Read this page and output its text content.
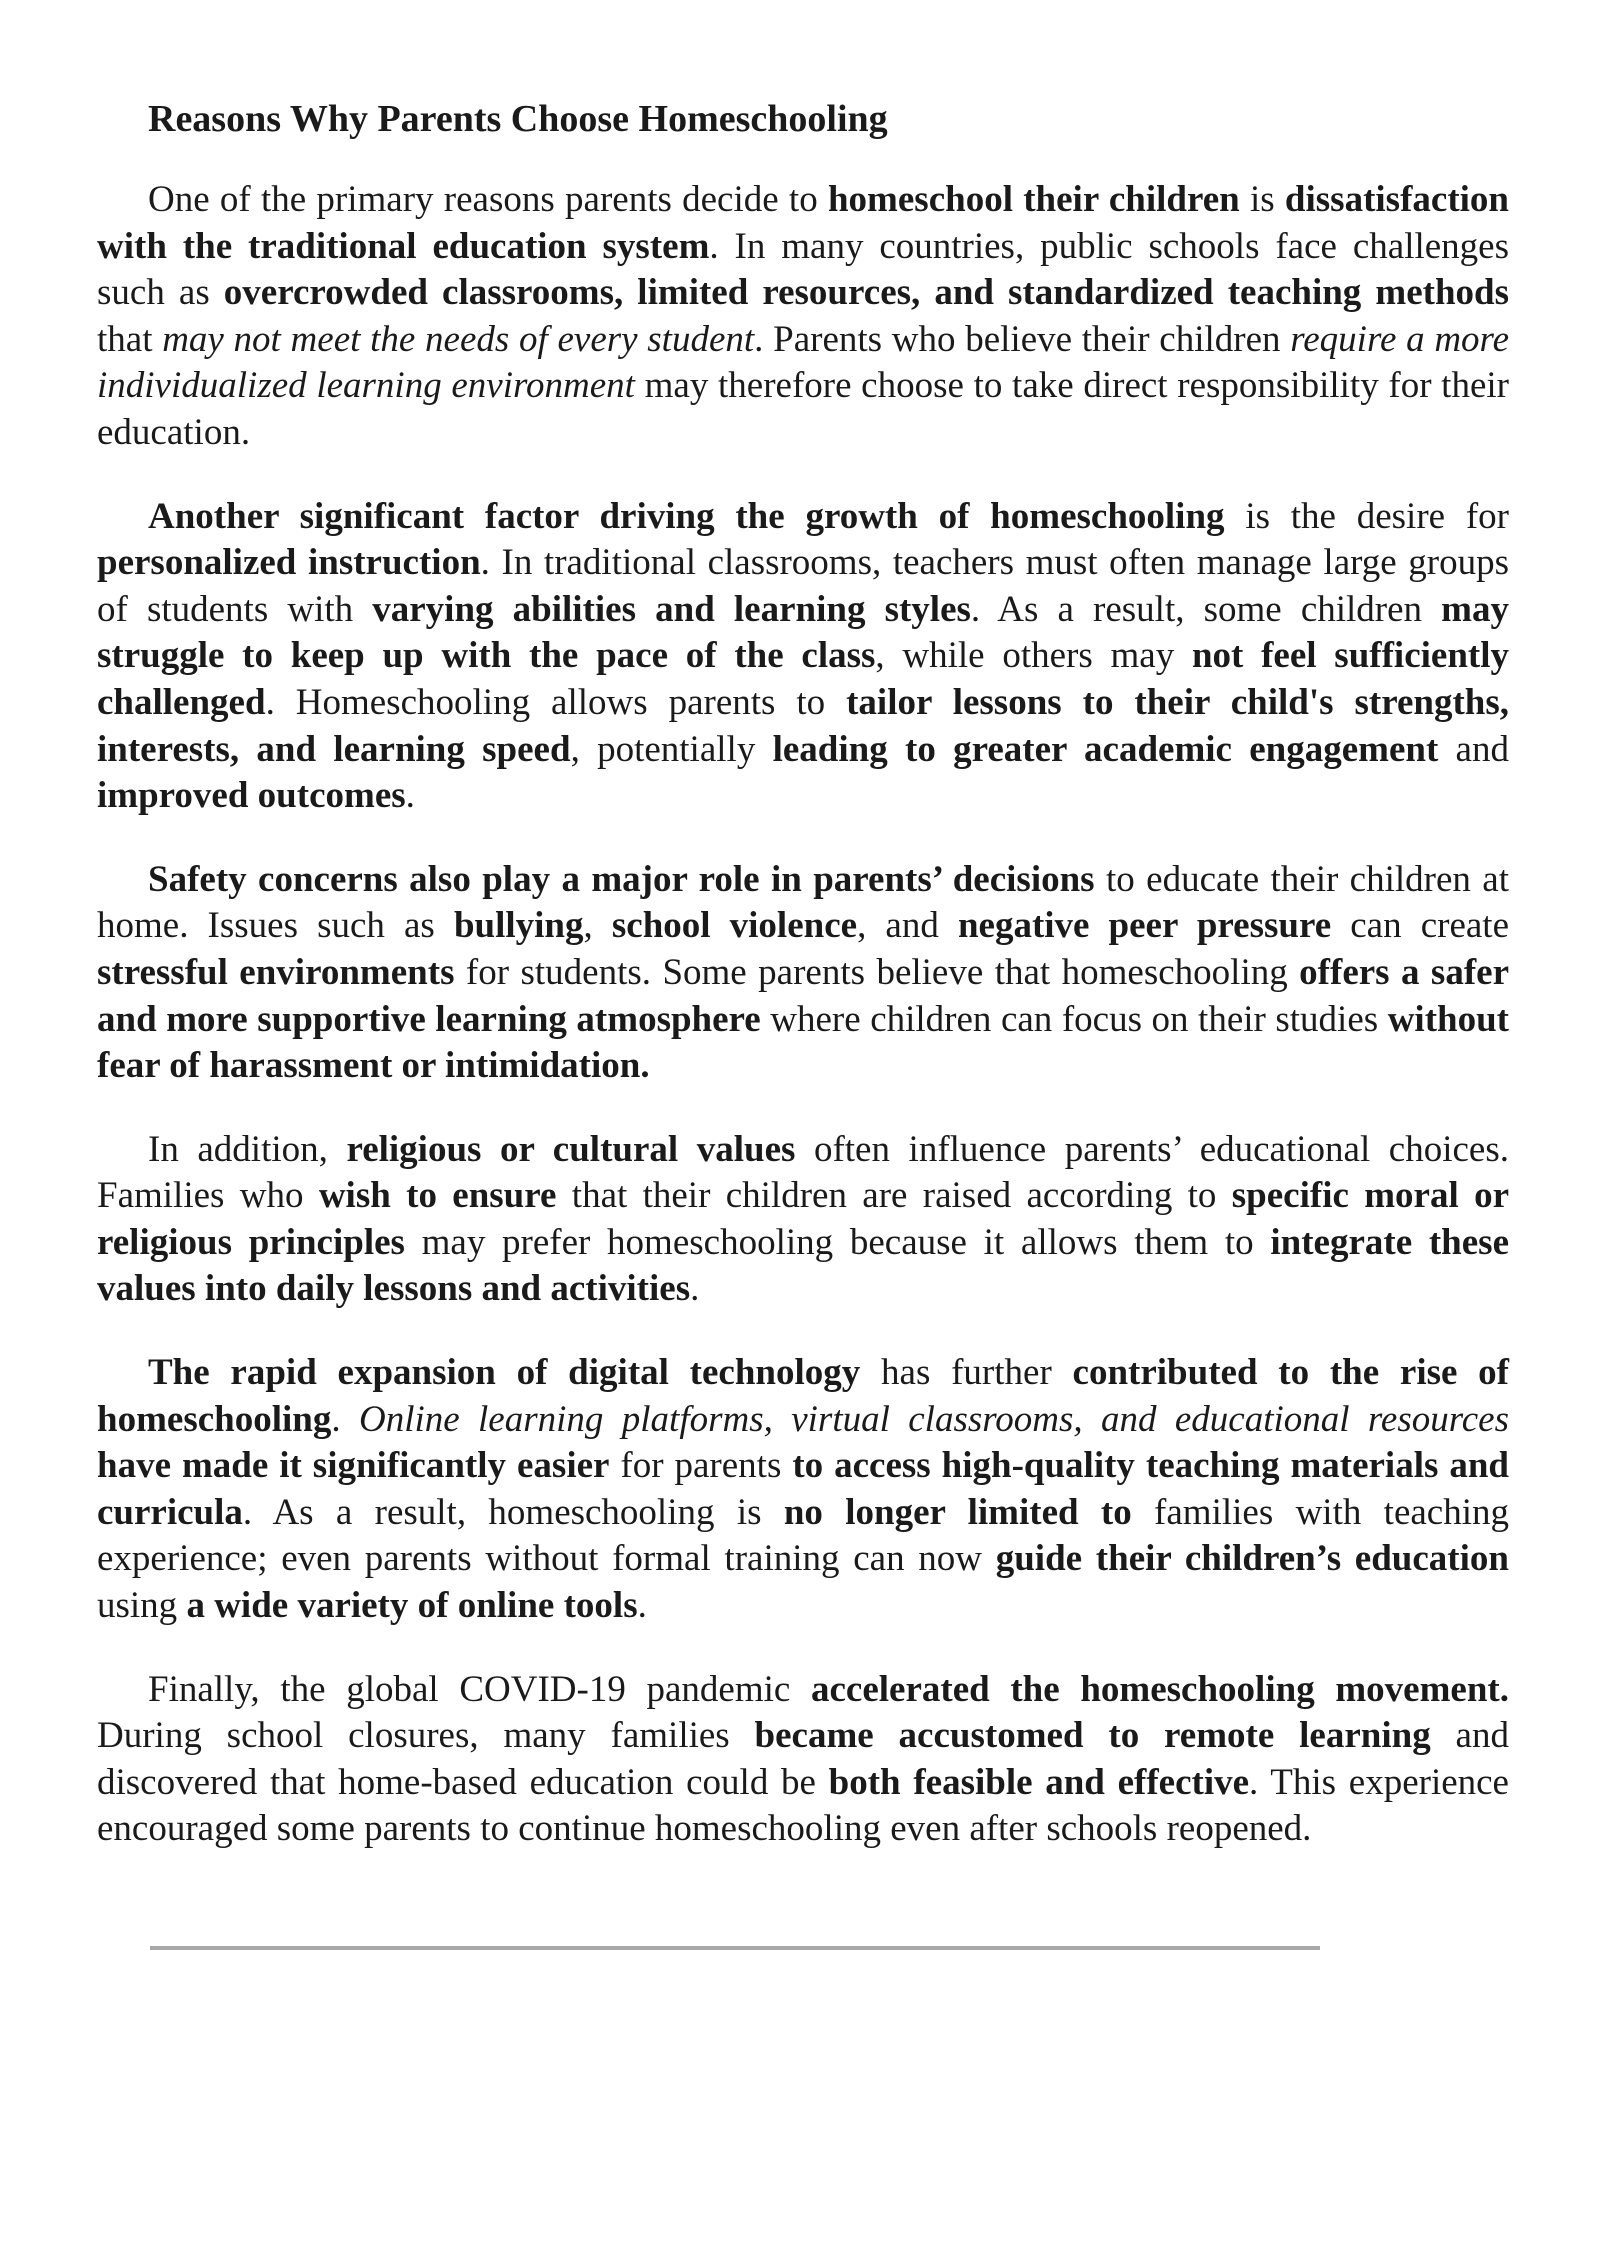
Reasons Why Parents Choose Homeschooling

One of the primary reasons parents decide to homeschool their children is dissatisfaction with the traditional education system. In many countries, public schools face challenges such as overcrowded classrooms, limited resources, and standardized teaching methods that may not meet the needs of every student. Parents who believe their children require a more individualized learning environment may therefore choose to take direct responsibility for their education.

Another significant factor driving the growth of homeschooling is the desire for personalized instruction. In traditional classrooms, teachers must often manage large groups of students with varying abilities and learning styles. As a result, some children may struggle to keep up with the pace of the class, while others may not feel sufficiently challenged. Homeschooling allows parents to tailor lessons to their child's strengths, interests, and learning speed, potentially leading to greater academic engagement and improved outcomes.

Safety concerns also play a major role in parents’ decisions to educate their children at home. Issues such as bullying, school violence, and negative peer pressure can create stressful environments for students. Some parents believe that homeschooling offers a safer and more supportive learning atmosphere where children can focus on their studies without fear of harassment or intimidation.

In addition, religious or cultural values often influence parents’ educational choices. Families who wish to ensure that their children are raised according to specific moral or religious principles may prefer homeschooling because it allows them to integrate these values into daily lessons and activities.

The rapid expansion of digital technology has further contributed to the rise of homeschooling. Online learning platforms, virtual classrooms, and educational resources have made it significantly easier for parents to access high-quality teaching materials and curricula. As a result, homeschooling is no longer limited to families with teaching experience; even parents without formal training can now guide their children’s education using a wide variety of online tools.

Finally, the global COVID-19 pandemic accelerated the homeschooling movement. During school closures, many families became accustomed to remote learning and discovered that home-based education could be both feasible and effective. This experience encouraged some parents to continue homeschooling even after schools reopened.
